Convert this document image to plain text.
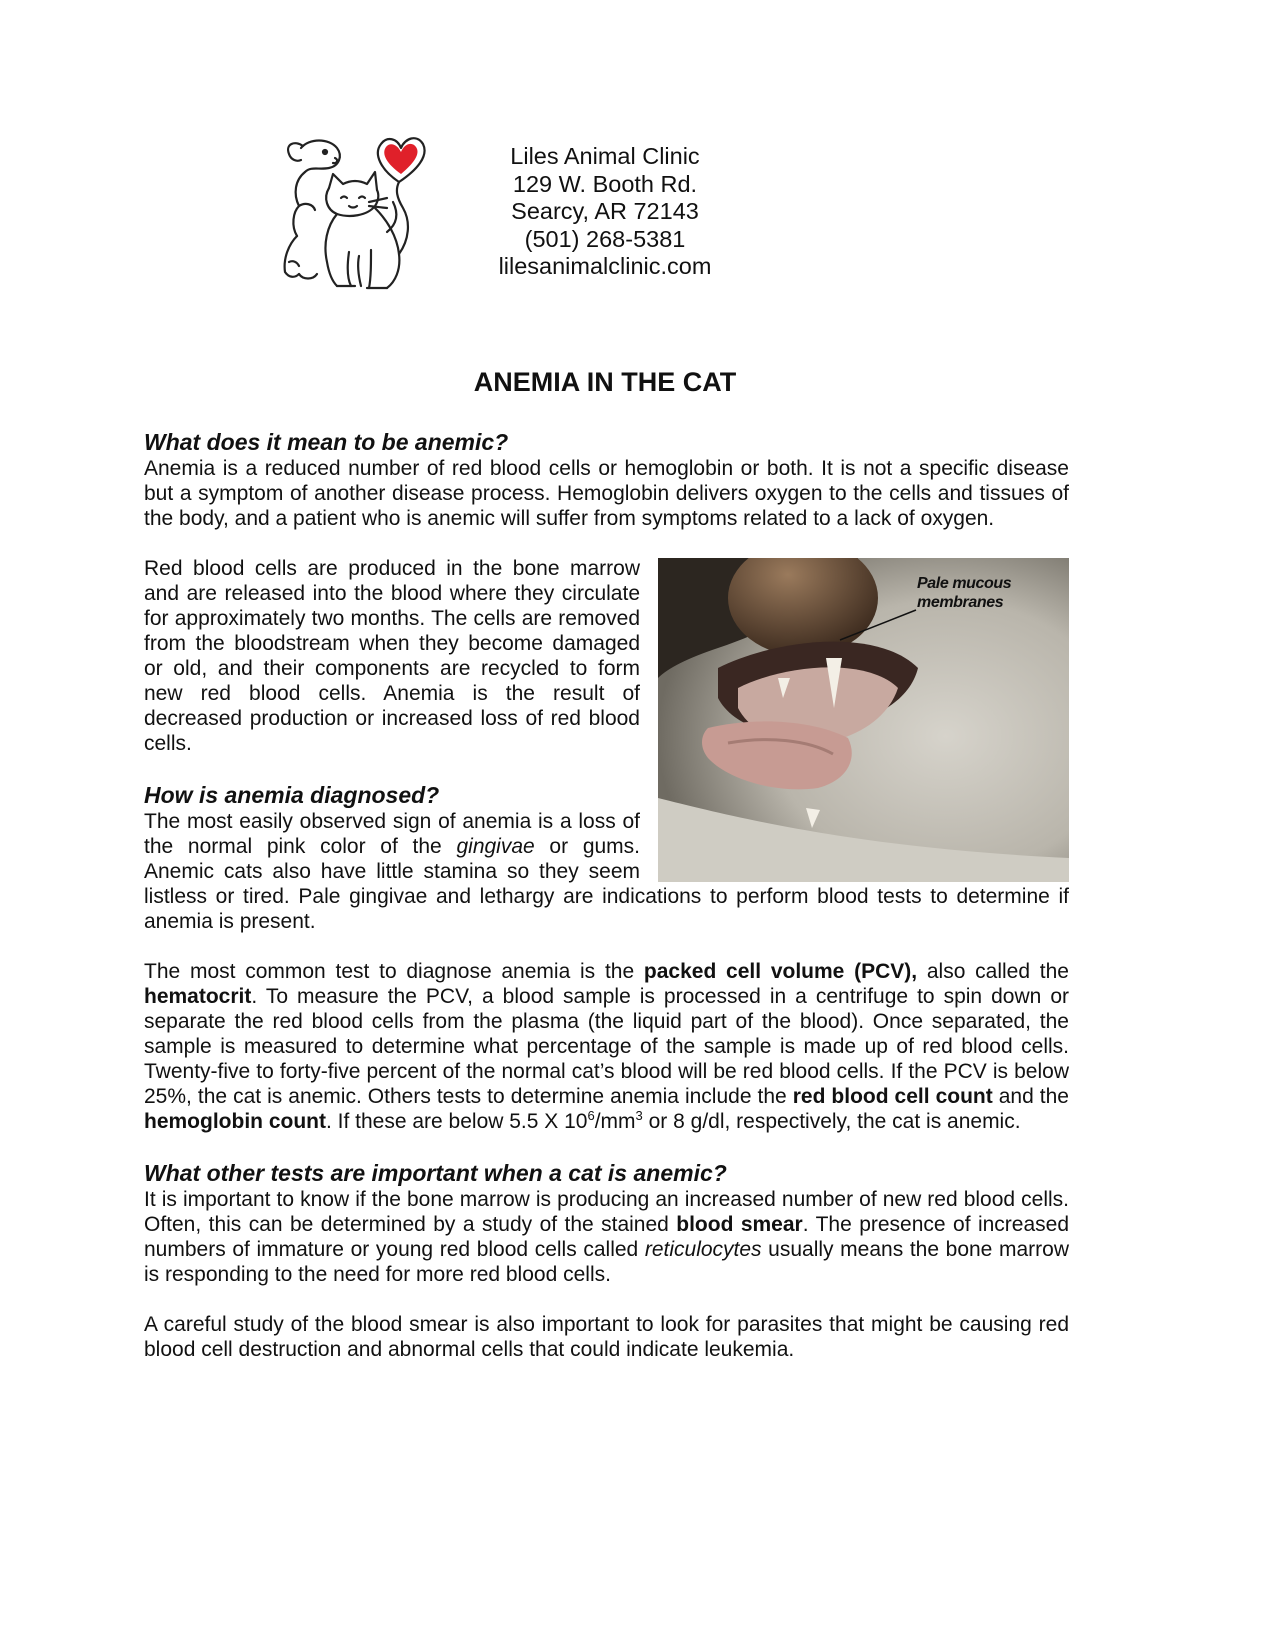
Liles Animal Clinic
129 W. Booth Rd.
Searcy, AR 72143
(501) 268-5381
lilesanimalclinic.com
ANEMIA IN THE CAT
What does it mean to be anemic?

Anemia is a reduced number of red blood cells or hemoglobin or both. It is not a specific disease but a symptom of another disease process. Hemoglobin delivers oxygen to the cells and tissues of the body, and a patient who is anemic will suffer from symptoms related to a lack of oxygen.

Pale mucous
membranes

Red blood cells are produced in the bone marrow and are released into the blood where they circulate for approximately two months. The cells are removed from the bloodstream when they become damaged or old, and their components are recycled to form new red blood cells. Anemia is the result of decreased production or increased loss of red blood cells.

How is anemia diagnosed?

The most easily observed sign of anemia is a loss of the normal pink color of the gingivae or gums. Anemic cats also have little stamina so they seem listless or tired. Pale gingivae and lethargy are indications to perform blood tests to determine if anemia is present.

The most common test to diagnose anemia is the packed cell volume (PCV), also called the hematocrit. To measure the PCV, a blood sample is processed in a centrifuge to spin down or separate the red blood cells from the plasma (the liquid part of the blood). Once separated, the sample is measured to determine what percentage of the sample is made up of red blood cells. Twenty-five to forty-five percent of the normal cat’s blood will be red blood cells. If the PCV is below 25%, the cat is anemic. Others tests to determine anemia include the red blood cell count and the hemoglobin count. If these are below 5.5 X $10^6/mm^3$ or 8 g/dl, respectively, the cat is anemic.

What other tests are important when a cat is anemic?

It is important to know if the bone marrow is producing an increased number of new red blood cells. Often, this can be determined by a study of the stained blood smear. The presence of increased numbers of immature or young red blood cells called reticulocytes usually means the bone marrow is responding to the need for more red blood cells.

A careful study of the blood smear is also important to look for parasites that might be causing red blood cell destruction and abnormal cells that could indicate leukemia.
